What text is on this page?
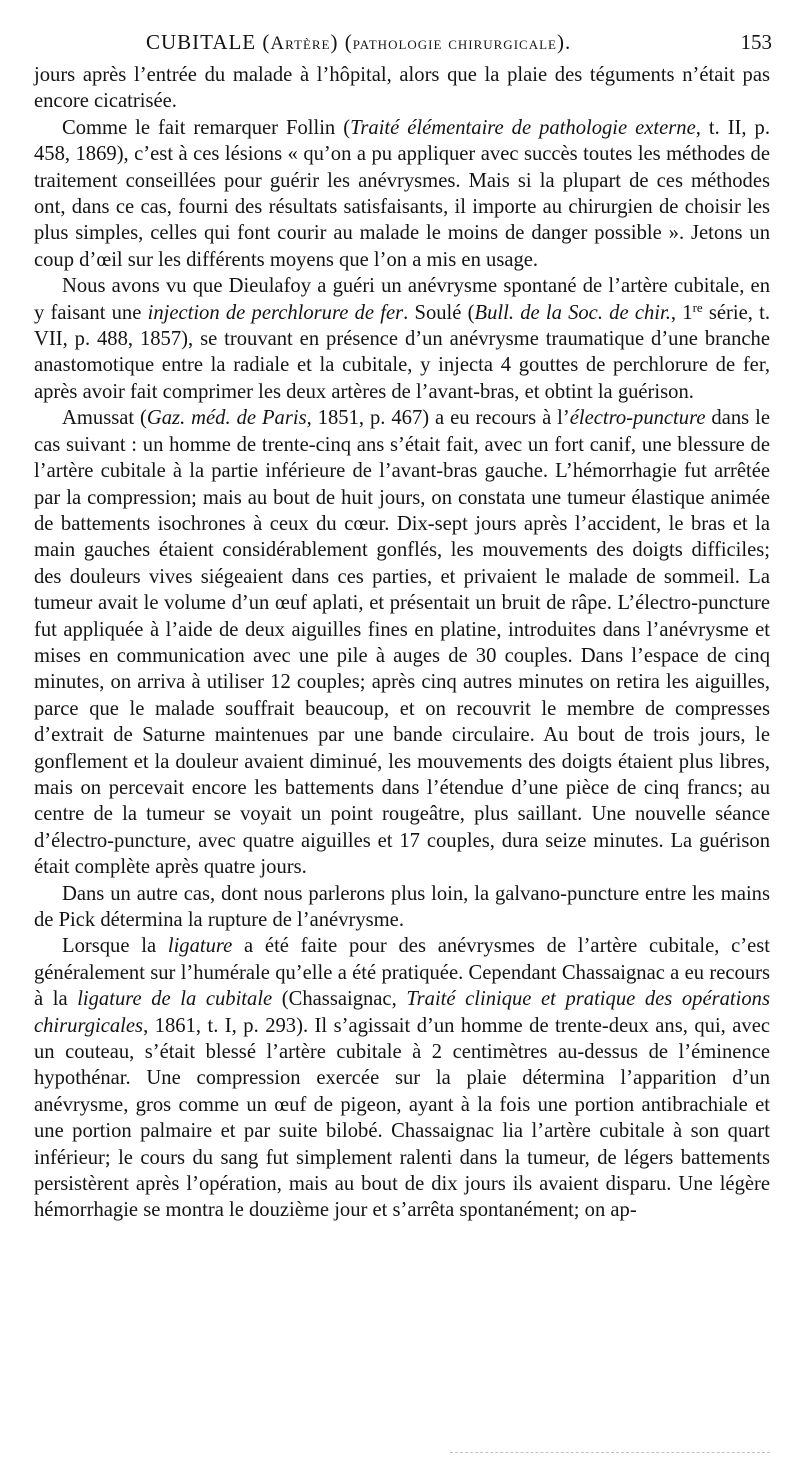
CUBITALE (Artère) (pathologie chirurgicale).	153

jours après l’entrée du malade à l’hôpital, alors que la plaie des téguments n’était pas encore cicatrisée.

Comme le fait remarquer Follin (Traité élémentaire de pathologie externe, t. II, p. 458, 1869), c’est à ces lésions « qu’on a pu appliquer avec succès toutes les méthodes de traitement conseillées pour guérir les anévrysmes. Mais si la plupart de ces méthodes ont, dans ce cas, fourni des résultats satisfaisants, il importe au chirurgien de choisir les plus simples, celles qui font courir au malade le moins de danger possible ». Jetons un coup d’œil sur les différents moyens que l’on a mis en usage.

Nous avons vu que Dieulafoy a guéri un anévrysme spontané de l’artère cubitale, en y faisant une injection de perchlorure de fer. Soulé (Bull. de la Soc. de chir., 1re série, t. VII, p. 488, 1857), se trouvant en présence d’un anévrysme traumatique d’une branche anastomotique entre la radiale et la cubitale, y injecta 4 gouttes de perchlorure de fer, après avoir fait comprimer les deux artères de l’avant-bras, et obtint la guérison.

Amussat (Gaz. méd. de Paris, 1851, p. 467) a eu recours à l’électro-puncture dans le cas suivant : un homme de trente-cinq ans s’était fait, avec un fort canif, une blessure de l’artère cubitale à la partie inférieure de l’avant-bras gauche. L’hémorrhagie fut arrêtée par la compression; mais au bout de huit jours, on constata une tumeur élastique animée de battements isochrones à ceux du cœur. Dix-sept jours après l’accident, le bras et la main gauches étaient considérablement gonflés, les mouvements des doigts difficiles; des douleurs vives siégeaient dans ces parties, et privaient le malade de sommeil. La tumeur avait le volume d’un œuf aplati, et présentait un bruit de râpe. L’électro-puncture fut appliquée à l’aide de deux aiguilles fines en platine, introduites dans l’anévrysme et mises en communication avec une pile à auges de 30 couples. Dans l’espace de cinq minutes, on arriva à utiliser 12 couples; après cinq autres minutes on retira les aiguilles, parce que le malade souffrait beaucoup, et on recouvrit le membre de compresses d’extrait de Saturne maintenues par une bande circulaire. Au bout de trois jours, le gonflement et la douleur avaient diminué, les mouvements des doigts étaient plus libres, mais on percevait encore les battements dans l’étendue d’une pièce de cinq francs; au centre de la tumeur se voyait un point rougeâtre, plus saillant. Une nouvelle séance d’électro-puncture, avec quatre aiguilles et 17 couples, dura seize minutes. La guérison était complète après quatre jours.

Dans un autre cas, dont nous parlerons plus loin, la galvano-puncture entre les mains de Pick détermina la rupture de l’anévrysme.

Lorsque la ligature a été faite pour des anévrysmes de l’artère cubitale, c’est généralement sur l’humérale qu’elle a été pratiquée. Cependant Chassaignac a eu recours à la ligature de la cubitale (Chassaignac, Traité clinique et pratique des opérations chirurgicales, 1861, t. I, p. 293). Il s’agissait d’un homme de trente-deux ans, qui, avec un couteau, s’était blessé l’artère cubitale à 2 centimètres au-dessus de l’éminence hypothénar. Une compression exercée sur la plaie détermina l’apparition d’un anévrysme, gros comme un œuf de pigeon, ayant à la fois une portion antibrachiale et une portion palmaire et par suite bilobé. Chassaignac lia l’artère cubitale à son quart inférieur; le cours du sang fut simplement ralenti dans la tumeur, de légers battements persistèrent après l’opération, mais au bout de dix jours ils avaient disparu. Une légère hémorrhagie se montra le douzième jour et s’arrêta spontanément; on ap-
